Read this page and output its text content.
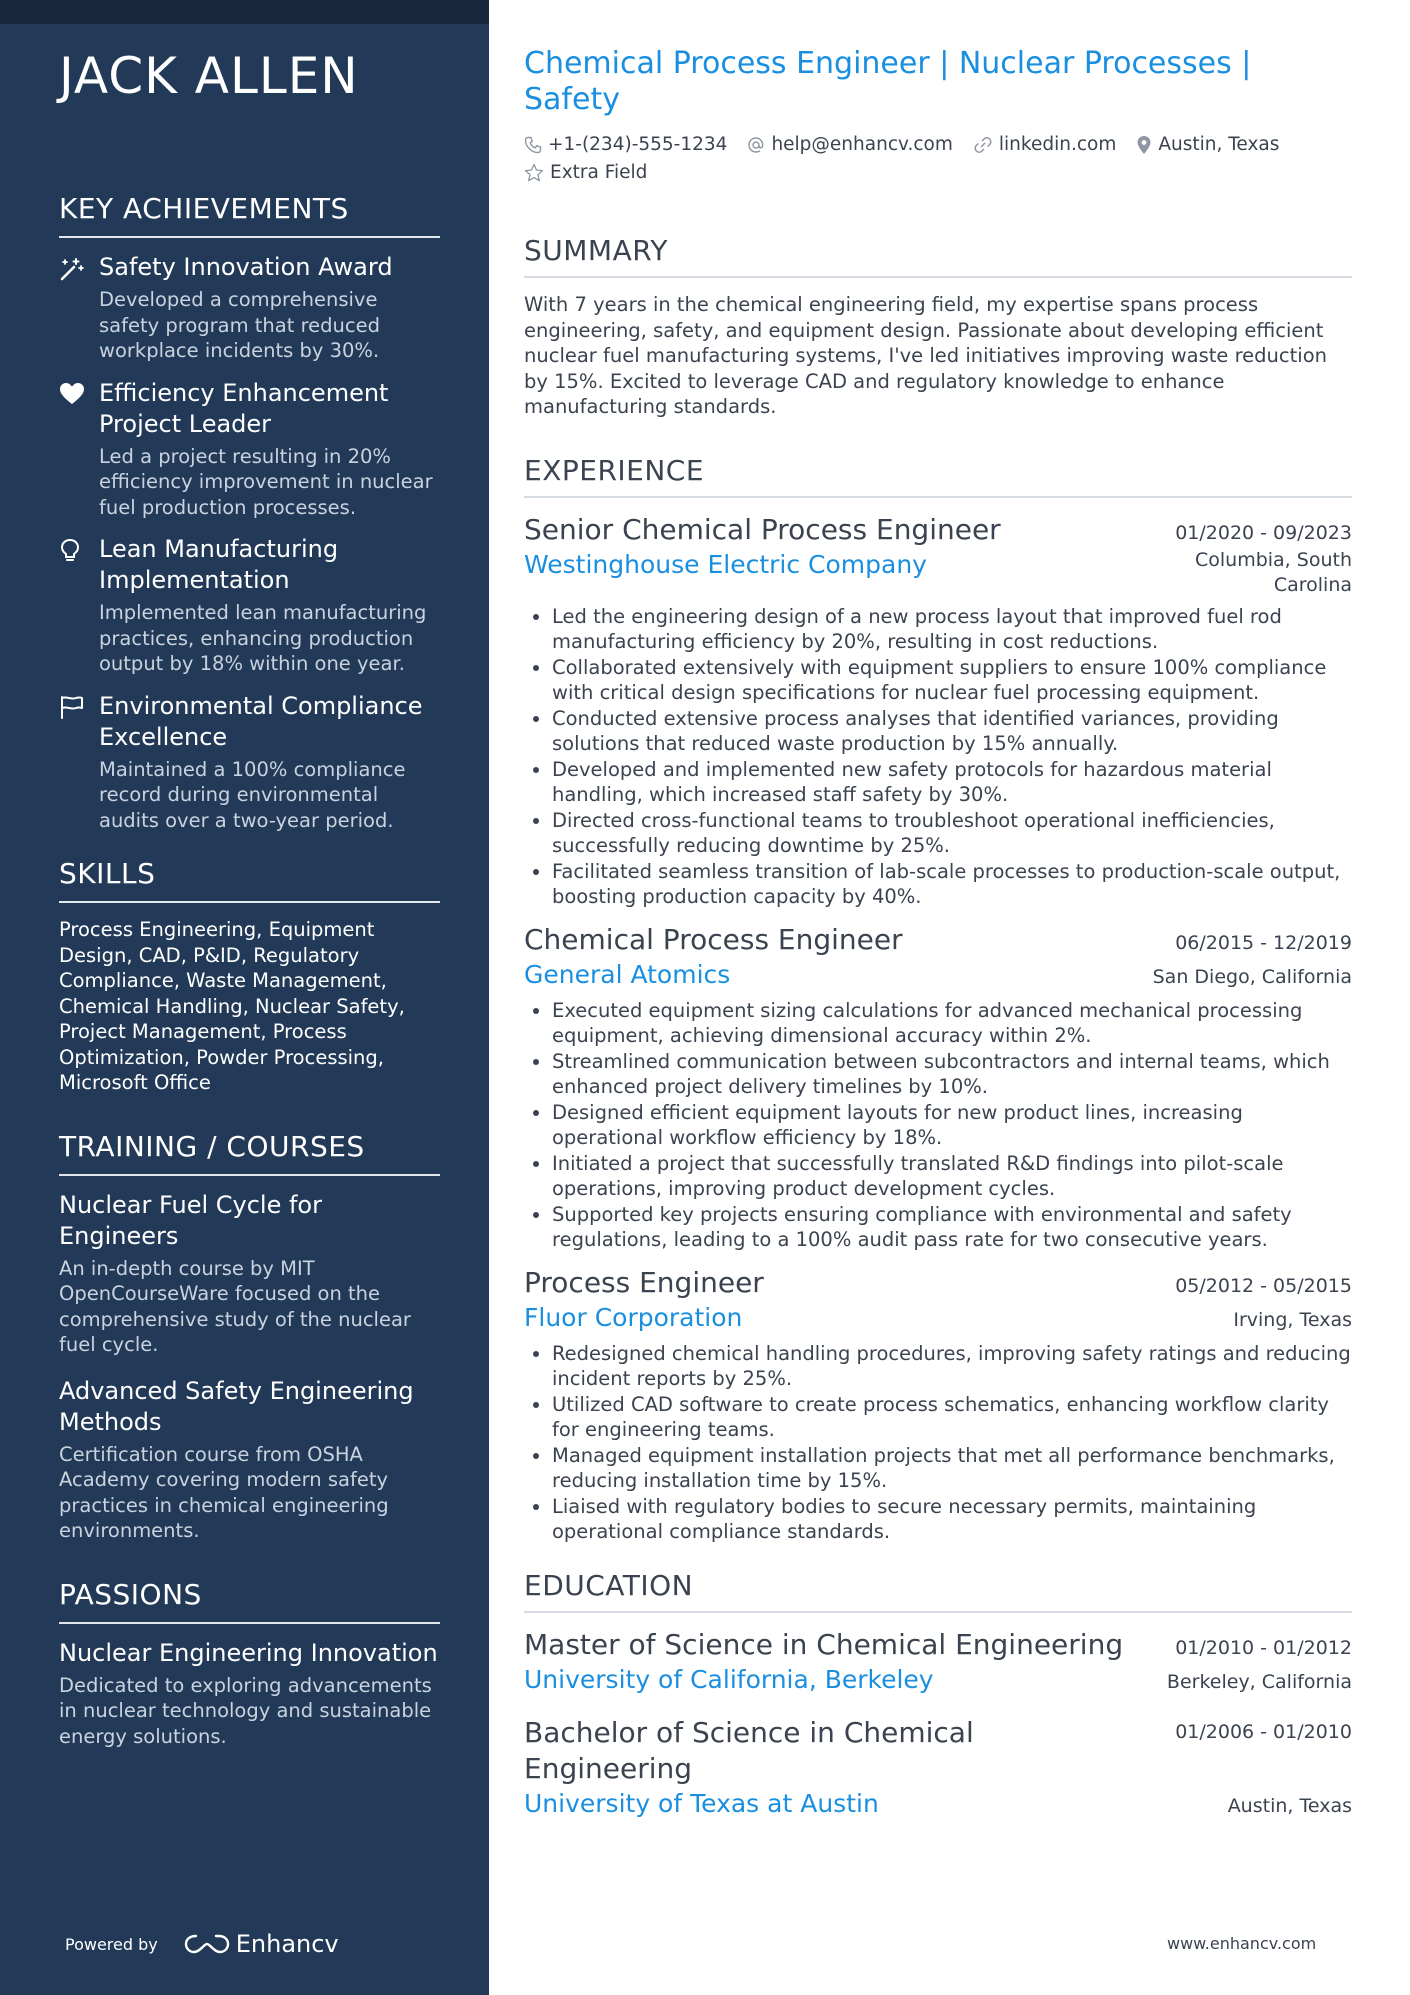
JACK ALLEN
KEY ACHIEVEMENTS
Safety Innovation Award
Developed a comprehensive safety program that reduced workplace incidents by 30%.
Efficiency Enhancement Project Leader
Led a project resulting in 20% efficiency improvement in nuclear fuel production processes.
Lean Manufacturing Implementation
Implemented lean manufacturing practices, enhancing production output by 18% within one year.
Environmental Compliance Excellence
Maintained a 100% compliance record during environmental audits over a two-year period.
SKILLS
Process Engineering, Equipment Design, CAD, P&ID, Regulatory Compliance, Waste Management, Chemical Handling, Nuclear Safety, Project Management, Process Optimization, Powder Processing, Microsoft Office
TRAINING / COURSES
Nuclear Fuel Cycle for Engineers
An in-depth course by MIT OpenCourseWare focused on the comprehensive study of the nuclear fuel cycle.
Advanced Safety Engineering Methods
Certification course from OSHA Academy covering modern safety practices in chemical engineering environments.
PASSIONS
Nuclear Engineering Innovation
Dedicated to exploring advancements in nuclear technology and sustainable energy solutions.
Powered by	Enhancv
Chemical Process Engineer | Nuclear Processes | Safety
+1-(234)-555-1234 help@enhancv.com linkedin.com Austin, Texas
Extra Field
SUMMARY
With 7 years in the chemical engineering field, my expertise spans process engineering, safety, and equipment design. Passionate about developing efficient nuclear fuel manufacturing systems, I've led initiatives improving waste reduction by 15%. Excited to leverage CAD and regulatory knowledge to enhance manufacturing standards.
EXPERIENCE
Senior Chemical Process Engineer	01/2020 - 09/2023
Westinghouse Electric Company	Columbia, South Carolina
• Led the engineering design of a new process layout that improved fuel rod manufacturing efficiency by 20%, resulting in cost reductions.
• Collaborated extensively with equipment suppliers to ensure 100% compliance with critical design specifications for nuclear fuel processing equipment.
• Conducted extensive process analyses that identified variances, providing solutions that reduced waste production by 15% annually.
• Developed and implemented new safety protocols for hazardous material handling, which increased staff safety by 30%.
• Directed cross-functional teams to troubleshoot operational inefficiencies, successfully reducing downtime by 25%.
• Facilitated seamless transition of lab-scale processes to production-scale output, boosting production capacity by 40%.
Chemical Process Engineer	06/2015 - 12/2019
General Atomics	San Diego, California
• Executed equipment sizing calculations for advanced mechanical processing equipment, achieving dimensional accuracy within 2%.
• Streamlined communication between subcontractors and internal teams, which enhanced project delivery timelines by 10%.
• Designed efficient equipment layouts for new product lines, increasing operational workflow efficiency by 18%.
• Initiated a project that successfully translated R&D findings into pilot-scale operations, improving product development cycles.
• Supported key projects ensuring compliance with environmental and safety regulations, leading to a 100% audit pass rate for two consecutive years.
Process Engineer	05/2012 - 05/2015
Fluor Corporation	Irving, Texas
• Redesigned chemical handling procedures, improving safety ratings and reducing incident reports by 25%.
• Utilized CAD software to create process schematics, enhancing workflow clarity for engineering teams.
• Managed equipment installation projects that met all performance benchmarks, reducing installation time by 15%.
• Liaised with regulatory bodies to secure necessary permits, maintaining operational compliance standards.
EDUCATION
Master of Science in Chemical Engineering	01/2010 - 01/2012
University of California, Berkeley	Berkeley, California
Bachelor of Science in Chemical Engineering
01/2006 - 01/2010
University of Texas at Austin	Austin, Texas
www.enhancv.com
